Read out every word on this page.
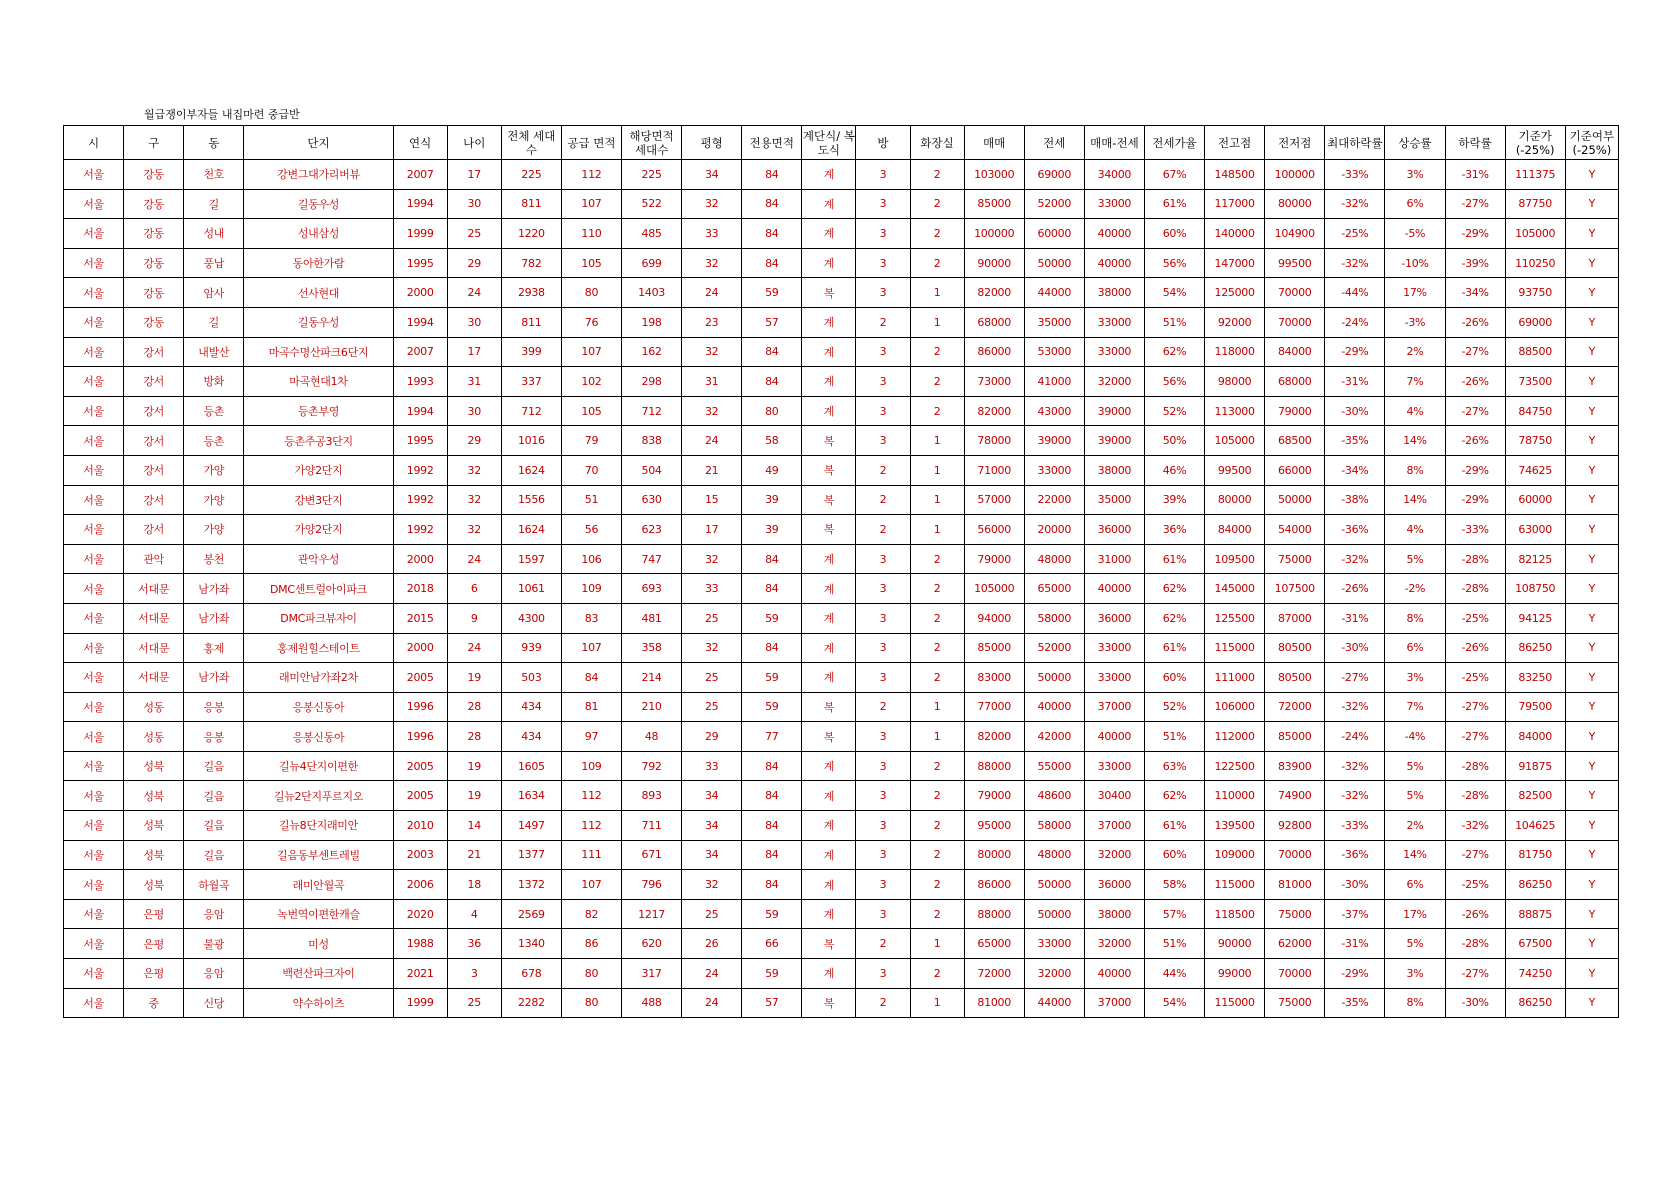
월급쟁이부자들 내집마련 중급반
시	구	동	단지	연식	나이	전체 세대수	공급 면적	해당면적 세대수	평형	전용면적	계단식/ 복도식	방	화장실	매매	전세	매매-전세	전세가율	전고점	전저점	최대하락률	상승률	하락률	기준가 (-25%)	기준여부 (-25%)
서울	강동	천호	강변그대가리버뷰	2007	17	225	112	225	34	84	계	3	2	103000	69000	34000	67%	148500	100000	-33%	3%	-31%	111375	Y
서울	강동	길	길동우성	1994	30	811	107	522	32	84	계	3	2	85000	52000	33000	61%	117000	80000	-32%	6%	-27%	87750	Y
서울	강동	성내	성내삼성	1999	25	1220	110	485	33	84	계	3	2	100000	60000	40000	60%	140000	104900	-25%	-5%	-29%	105000	Y
서울	강동	풍납	동아한가람	1995	29	782	105	699	32	84	계	3	2	90000	50000	40000	56%	147000	99500	-32%	-10%	-39%	110250	Y
서울	강동	암사	선사현대	2000	24	2938	80	1403	24	59	복	3	1	82000	44000	38000	54%	125000	70000	-44%	17%	-34%	93750	Y
서울	강동	길	길동우성	1994	30	811	76	198	23	57	계	2	1	68000	35000	33000	51%	92000	70000	-24%	-3%	-26%	69000	Y
서울	강서	내발산	마곡수명산파크6단지	2007	17	399	107	162	32	84	계	3	2	86000	53000	33000	62%	118000	84000	-29%	2%	-27%	88500	Y
서울	강서	방화	마곡현대1차	1993	31	337	102	298	31	84	계	3	2	73000	41000	32000	56%	98000	68000	-31%	7%	-26%	73500	Y
서울	강서	등촌	등촌부영	1994	30	712	105	712	32	80	계	3	2	82000	43000	39000	52%	113000	79000	-30%	4%	-27%	84750	Y
서울	강서	등촌	등촌주공3단지	1995	29	1016	79	838	24	58	복	3	1	78000	39000	39000	50%	105000	68500	-35%	14%	-26%	78750	Y
서울	강서	가양	가양2단지	1992	32	1624	70	504	21	49	복	2	1	71000	33000	38000	46%	99500	66000	-34%	8%	-29%	74625	Y
서울	강서	가양	강변3단지	1992	32	1556	51	630	15	39	복	2	1	57000	22000	35000	39%	80000	50000	-38%	14%	-29%	60000	Y
서울	강서	가양	가양2단지	1992	32	1624	56	623	17	39	복	2	1	56000	20000	36000	36%	84000	54000	-36%	4%	-33%	63000	Y
서울	관악	봉천	관악우성	2000	24	1597	106	747	32	84	계	3	2	79000	48000	31000	61%	109500	75000	-32%	5%	-28%	82125	Y
서울	서대문	남가좌	DMC센트럴아이파크	2018	6	1061	109	693	33	84	계	3	2	105000	65000	40000	62%	145000	107500	-26%	-2%	-28%	108750	Y
서울	서대문	남가좌	DMC파크뷰자이	2015	9	4300	83	481	25	59	계	3	2	94000	58000	36000	62%	125500	87000	-31%	8%	-25%	94125	Y
서울	서대문	홍제	홍제원힐스테이트	2000	24	939	107	358	32	84	계	3	2	85000	52000	33000	61%	115000	80500	-30%	6%	-26%	86250	Y
서울	서대문	남가좌	래미안남가좌2차	2005	19	503	84	214	25	59	계	3	2	83000	50000	33000	60%	111000	80500	-27%	3%	-25%	83250	Y
서울	성동	응봉	응봉신동아	1996	28	434	81	210	25	59	복	2	1	77000	40000	37000	52%	106000	72000	-32%	7%	-27%	79500	Y
서울	성동	응봉	응봉신동아	1996	28	434	97	48	29	77	복	3	1	82000	42000	40000	51%	112000	85000	-24%	-4%	-27%	84000	Y
서울	성북	길음	길뉴4단지이편한	2005	19	1605	109	792	33	84	계	3	2	88000	55000	33000	63%	122500	83900	-32%	5%	-28%	91875	Y
서울	성북	길음	길뉴2단지푸르지오	2005	19	1634	112	893	34	84	계	3	2	79000	48600	30400	62%	110000	74900	-32%	5%	-28%	82500	Y
서울	성북	길음	길뉴8단지래미안	2010	14	1497	112	711	34	84	계	3	2	95000	58000	37000	61%	139500	92800	-33%	2%	-32%	104625	Y
서울	성북	길음	길음동부센트레빌	2003	21	1377	111	671	34	84	계	3	2	80000	48000	32000	60%	109000	70000	-36%	14%	-27%	81750	Y
서울	성북	하월곡	래미안월곡	2006	18	1372	107	796	32	84	계	3	2	86000	50000	36000	58%	115000	81000	-30%	6%	-25%	86250	Y
서울	은평	응암	녹번역이편한캐슬	2020	4	2569	82	1217	25	59	계	3	2	88000	50000	38000	57%	118500	75000	-37%	17%	-26%	88875	Y
서울	은평	불광	미성	1988	36	1340	86	620	26	66	복	2	1	65000	33000	32000	51%	90000	62000	-31%	5%	-28%	67500	Y
서울	은평	응암	백련산파크자이	2021	3	678	80	317	24	59	계	3	2	72000	32000	40000	44%	99000	70000	-29%	3%	-27%	74250	Y
서울	중	신당	약수하이츠	1999	25	2282	80	488	24	57	복	2	1	81000	44000	37000	54%	115000	75000	-35%	8%	-30%	86250	Y
